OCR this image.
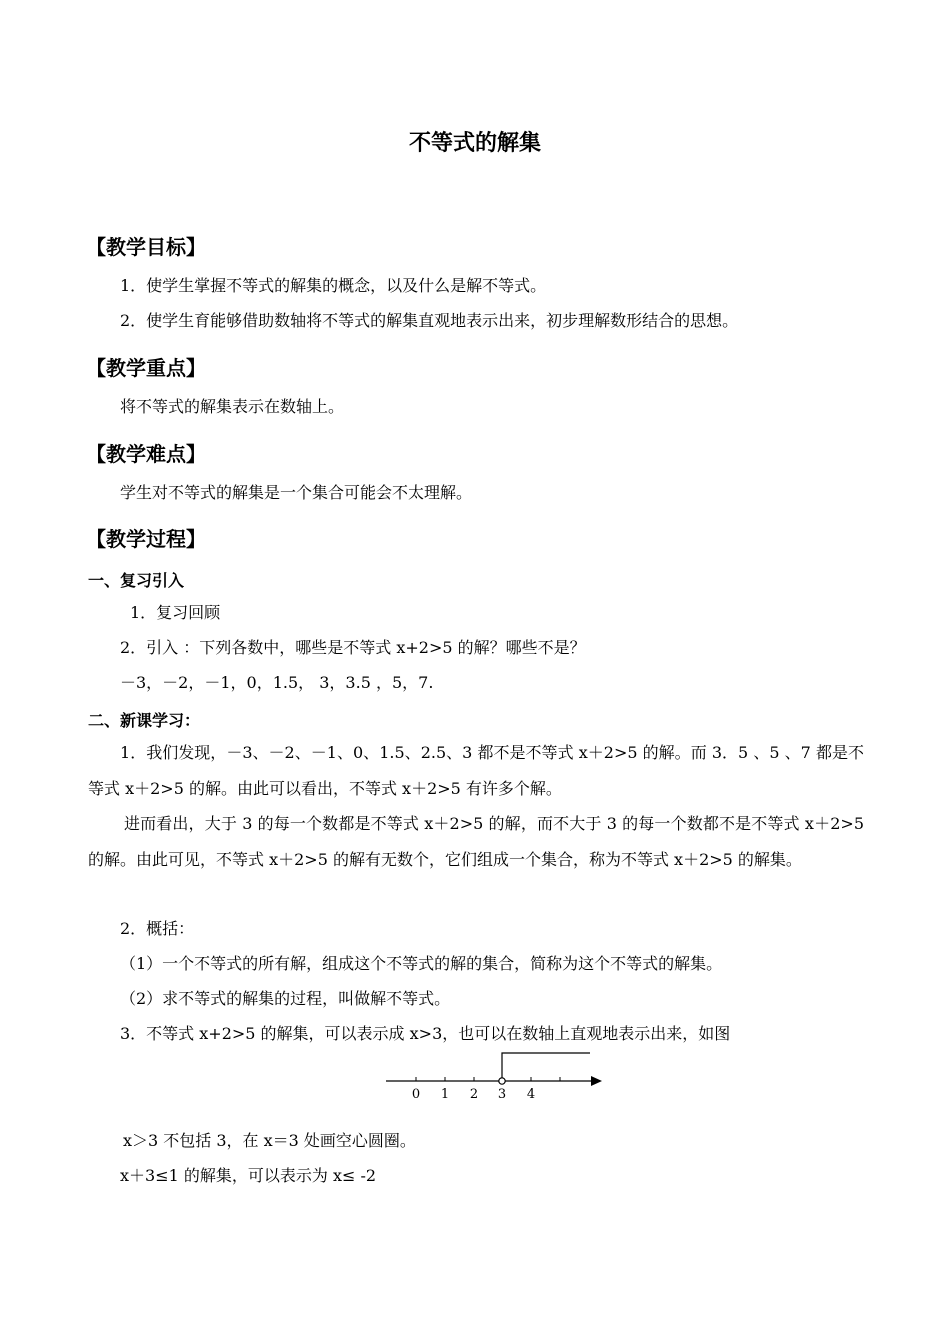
不等式的解集
【教学目标】
1．使学生掌握不等式的解集的概念，以及什么是解不等式。
2．使学生育能够借助数轴将不等式的解集直观地表示出来，初步理解数形结合的思想。
【教学重点】
将不等式的解集表示在数轴上。
【教学难点】
学生对不等式的解集是一个集合可能会不太理解。
【教学过程】
一、复习引入
1．复习回顾
2．引入 ：下列各数中，哪些是不等式 x+2>5 的解？哪些不是？
－3，－2，－1，0，1.5， 3，3.5 ，5，7.
二、新课学习：
1．我们发现，－3、－2、－1、0、1.5、2.5、3 都不是不等式 x＋2>5 的解。而 3．5 、5 、7 都是不等式 x＋2>5 的解。由此可以看出，不等式 x＋2>5 有许多个解。
进而看出，大于 3 的每一个数都是不等式 x＋2>5 的解，而不大于 3 的每一个数都不是不等式 x＋2>5 的解。由此可见，不等式 x＋2>5 的解有无数个，它们组成一个集合，称为不等式 x＋2>5 的解集。
2．概括：
（1）一个不等式的所有解，组成这个不等式的解的集合，简称为这个不等式的解集。
（2）求不等式的解集的过程，叫做解不等式。
3．不等式 x+2>5 的解集，可以表示成 x>3，也可以在数轴上直观地表示出来，如图
0 1 2 3 4
x＞3 不包括 3，在 x＝3 处画空心圆圈。
x＋3≤1 的解集，可以表示为 x≤ -2
